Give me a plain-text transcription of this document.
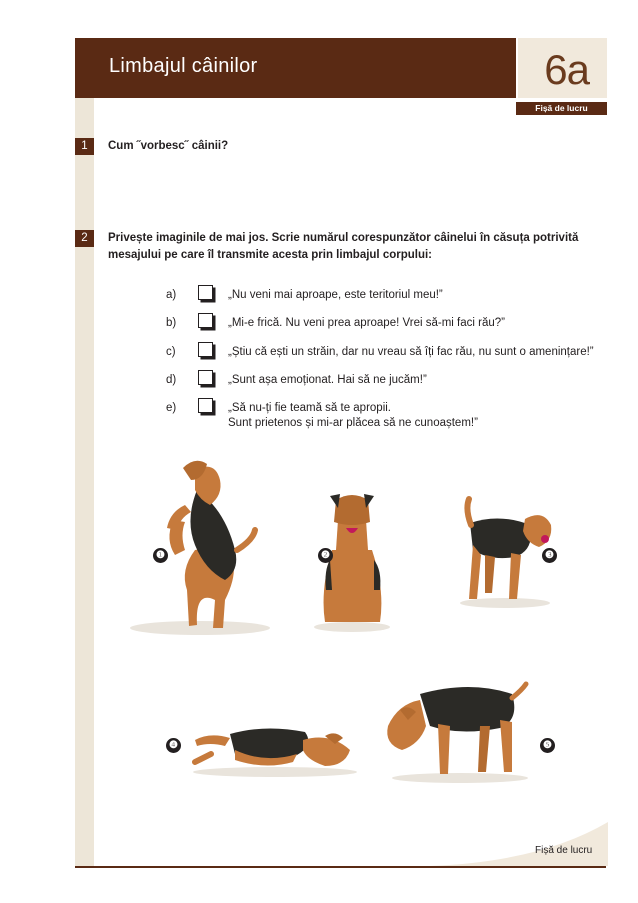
Limbajul câinilor	6a
Fișă de lucru
1	Cum ˝vorbesc˝ câinii?
2	Privește imaginile de mai jos. Scrie numărul corespunzător câinelui în căsuța potrivită
mesajului pe care îl transmite acesta prin limbajul corpului:
a)	„Nu veni mai aproape, este teritoriul meu!”
b)	„Mi-e frică. Nu veni prea aproape! Vrei să-mi faci rău?”
c)	„Știu că ești un străin, dar nu vreau să îți fac rău, nu sunt o amenințare!”
d)	„Sunt așa emoționat. Hai să ne jucăm!”
e)	„Să nu-ți fie teamă să te apropii.
Sunt prietenos și mi-ar plăcea să ne cunoaștem!”
❶	❷	❸
❹	❺
Fișă de lucru
